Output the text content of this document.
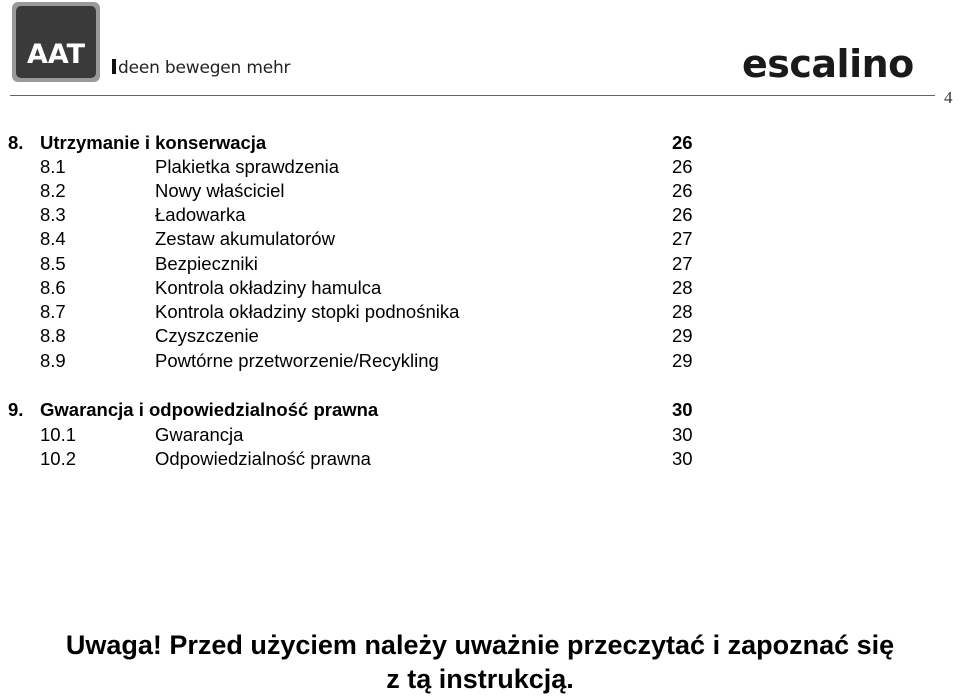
AAT	deen bewegen mehr	escalino
4
8. Utrzymanie i konserwacja	26
8.1	Plakietka sprawdzenia	26
8.2	Nowy właściciel	26
8.3	Ładowarka	26
8.4	Zestaw akumulatorów	27
8.5	Bezpieczniki	27
8.6	Kontrola okładziny hamulca	28
8.7	Kontrola okładziny stopki podnośnika	28
8.8	Czyszczenie	29
8.9	Powtórne przetworzenie/Recykling	29
9. Gwarancja i odpowiedzialność prawna	30
10.1	Gwarancja	30
10.2	Odpowiedzialność prawna	30
Uwaga! Przed użyciem należy uważnie przeczytać i zapoznać się
z tą instrukcją.
